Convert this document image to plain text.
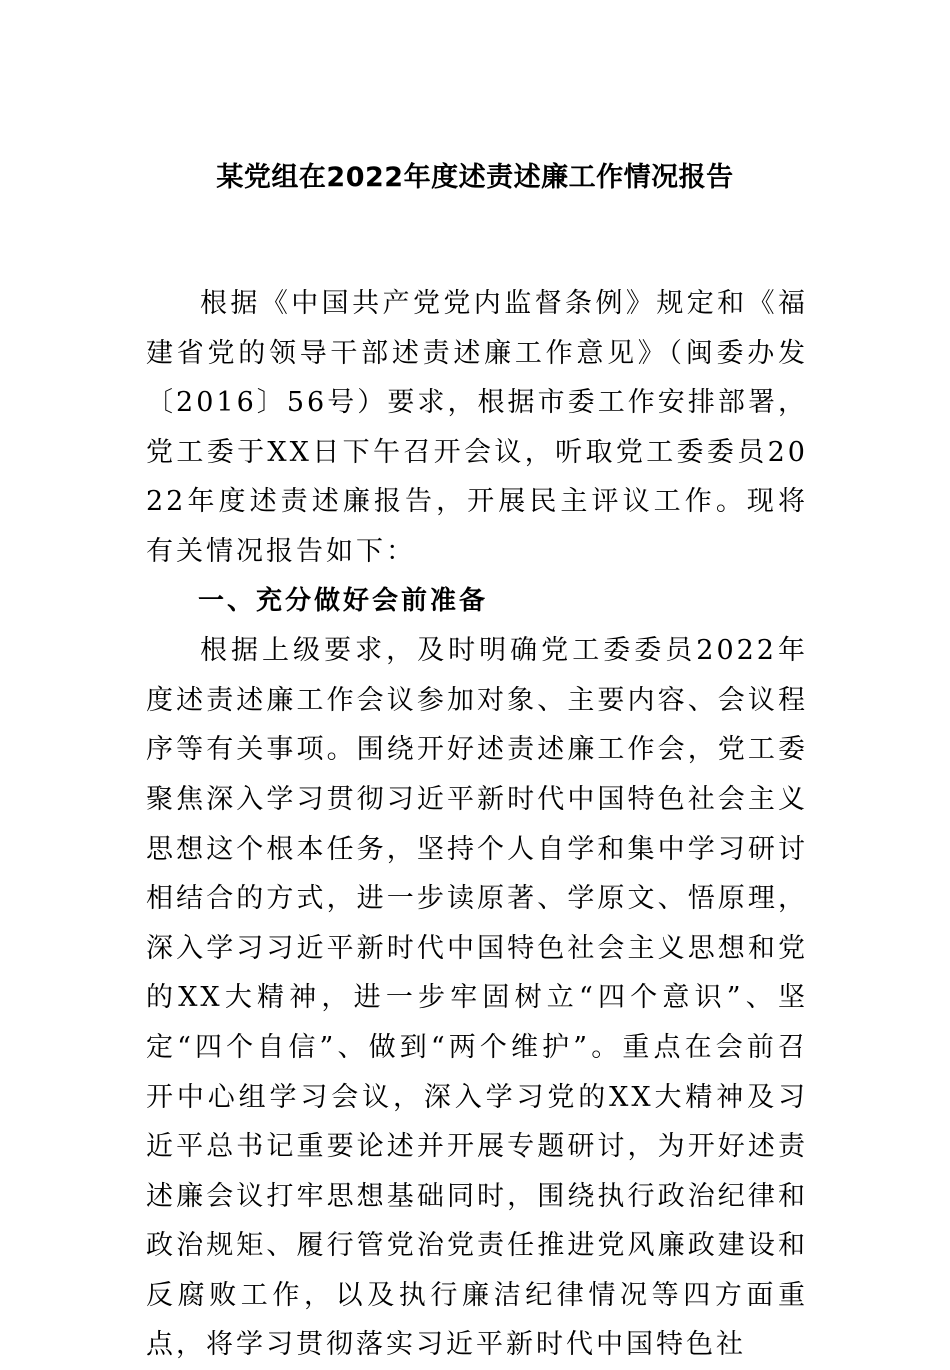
某党组在2022年度述责述廉工作情况报告

根据《中国共产党党内监督条例》规定和《福建省党的领导干部述责述廉工作意见》（闽委办发〔2016〕56号）要求，根据市委工作安排部署，党工委于XX日下午召开会议，听取党工委委员2022年度述责述廉报告，开展民主评议工作。现将有关情况报告如下：

一、充分做好会前准备

根据上级要求，及时明确党工委委员2022年度述责述廉工作会议参加对象、主要内容、会议程序等有关事项。围绕开好述责述廉工作会，党工委聚焦深入学习贯彻习近平新时代中国特色社会主义思想这个根本任务，坚持个人自学和集中学习研讨相结合的方式，进一步读原著、学原文、悟原理，深入学习习近平新时代中国特色社会主义思想和党的XX大精神，进一步牢固树立“四个意识”、坚定“四个自信”、做到“两个维护”。重点在会前召开中心组学习会议，深入学习党的XX大精神及习近平总书记重要论述并开展专题研讨，为开好述责述廉会议打牢思想基础同时，围绕执行政治纪律和政治规矩、履行管党治党责任推进党风廉政建设和反腐败工作，以及执行廉洁纪律情况等四方面重点，将学习贯彻落实习近平新时代中国特色社
